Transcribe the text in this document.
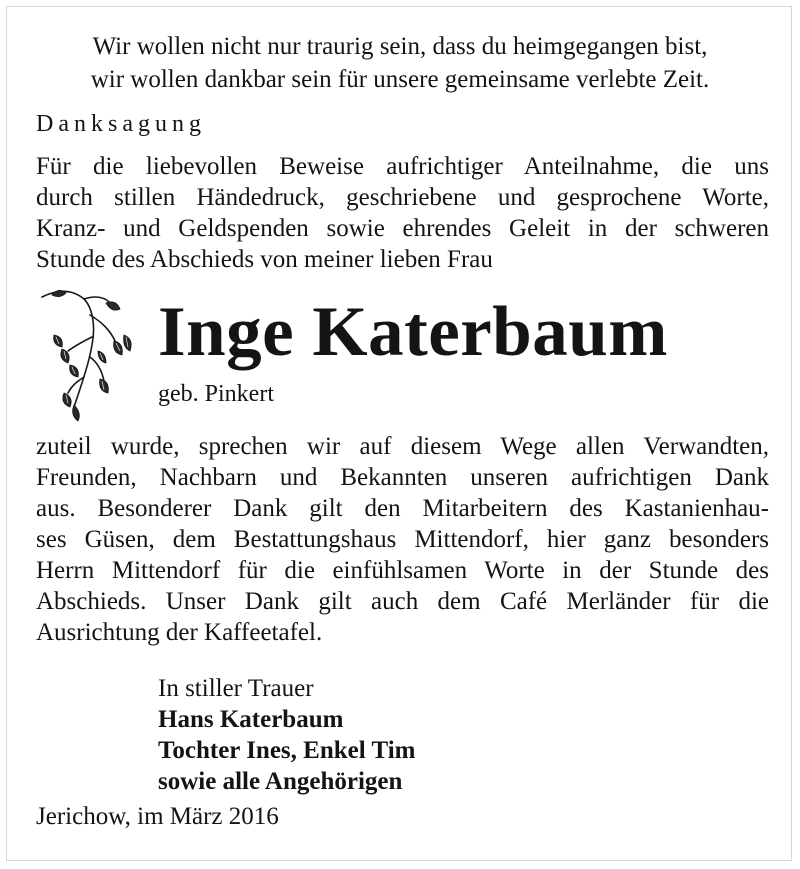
Wir wollen nicht nur traurig sein, dass du heimgegangen bist,
wir wollen dankbar sein für unsere gemeinsame verlebte Zeit.
Danksagung
Für die liebevollen Beweise aufrichtiger Anteilnahme, die uns
durch stillen Händedruck, geschriebene und gesprochene Worte,
Kranz- und Geldspenden sowie ehrendes Geleit in der schweren
Stunde des Abschieds von meiner lieben Frau
Inge Katerbaum
geb. Pinkert
zuteil wurde, sprechen wir auf diesem Wege allen Verwandten,
Freunden, Nachbarn und Bekannten unseren aufrichtigen Dank
aus. Besonderer Dank gilt den Mitarbeitern des Kastanienhau-
ses Güsen, dem Bestattungshaus Mittendorf, hier ganz besonders
Herrn Mittendorf für die einfühlsamen Worte in der Stunde des
Abschieds. Unser Dank gilt auch dem Café Merländer für die
Ausrichtung der Kaffeetafel.
In stiller Trauer
Hans Katerbaum
Tochter Ines, Enkel Tim
sowie alle Angehörigen
Jerichow, im März 2016
